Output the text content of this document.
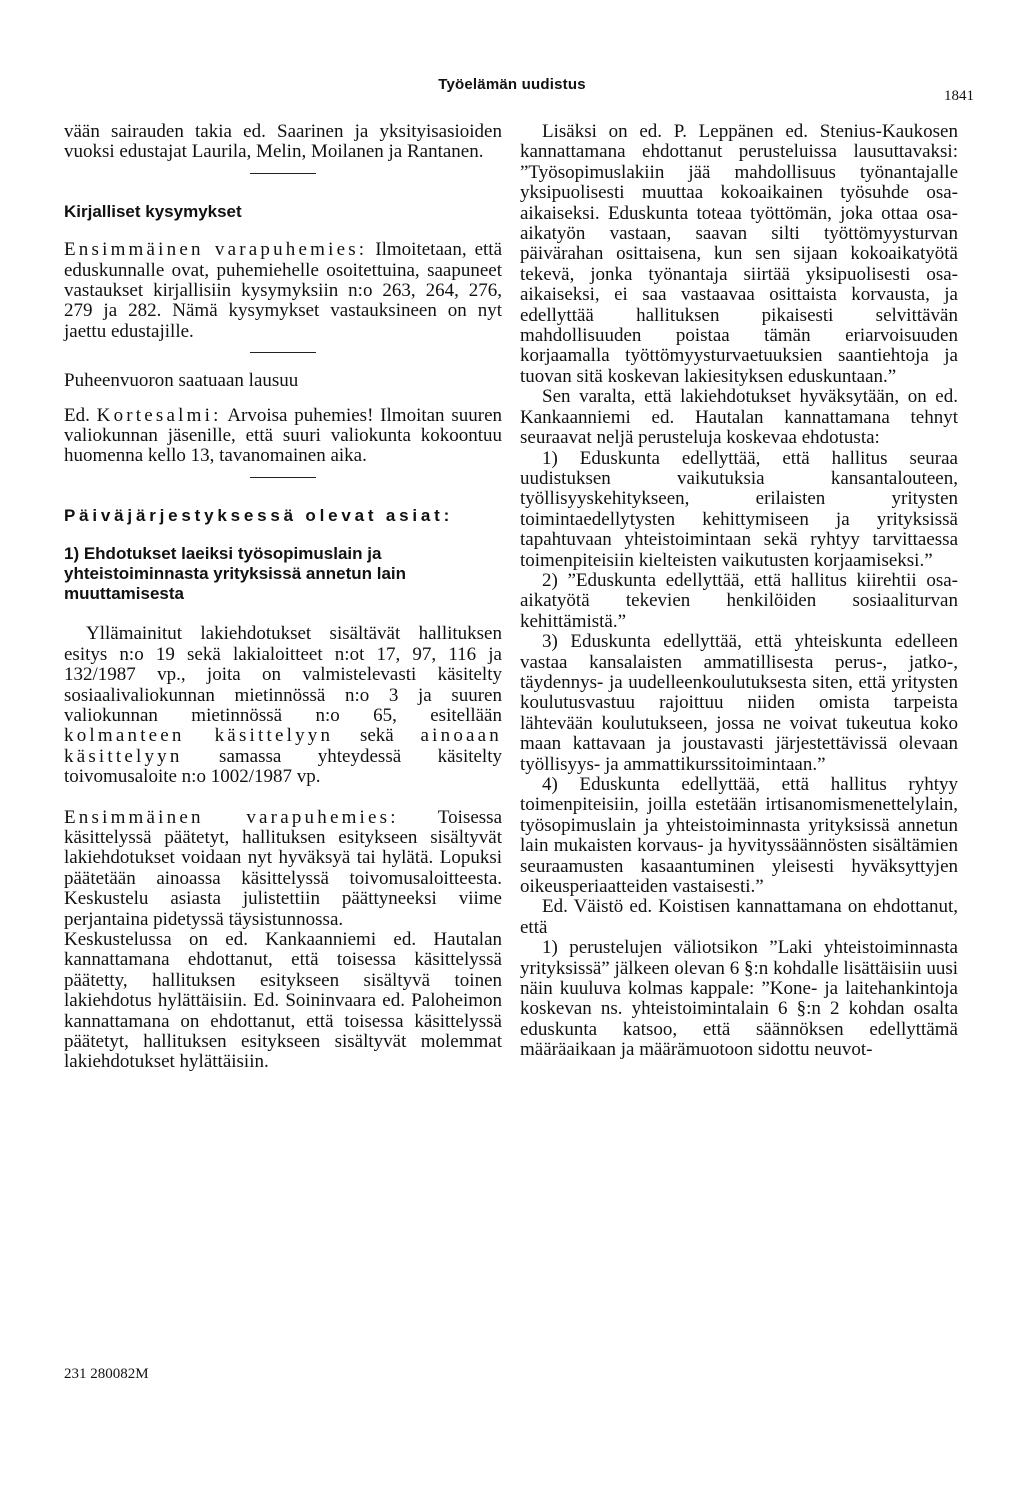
Työelämän uudistus
1841

vään sairauden takia ed. Saarinen ja yksityisasioiden vuoksi edustajat Laurila, Melin, Moilanen ja Rantanen.

Kirjalliset kysymykset

Ensimmäinen varapuhemies: Ilmoitetaan, että eduskunnalle ovat, puhemiehelle osoitettuina, saapuneet vastaukset kirjallisiin kysymyksiin n:o 263, 264, 276, 279 ja 282. Nämä kysymykset vastauksineen on nyt jaettu edustajille.

Puheenvuoron saatuaan lausuu

Ed. Kortesalmi: Arvoisa puhemies! Ilmoitan suuren valiokunnan jäsenille, että suuri valiokunta kokoontuu huomenna kello 13, tavanomainen aika.

Päiväjärjestyksessä olevat asiat:

1) Ehdotukset laeiksi työsopimuslain ja yhteistoiminnasta yrityksissä annetun lain muuttamisesta

Yllämainitut lakiehdotukset sisältävät hallituksen esitys n:o 19 sekä lakialoitteet n:ot 17, 97, 116 ja 132/1987 vp., joita on valmistelevasti käsitelty sosiaalivaliokunnan mietinnössä n:o 3 ja suuren valiokunnan mietinnössä n:o 65, esitellään kolmanteen käsittelyyn sekä ainoaan käsittelyyn samassa yhteydessä käsitelty toivomusaloite n:o 1002/1987 vp.

Ensimmäinen varapuhemies: Toisessa käsittelyssä päätetyt, hallituksen esitykseen sisältyvät lakiehdotukset voidaan nyt hyväksyä tai hylätä. Lopuksi päätetään ainoassa käsittelyssä toivomusaloitteesta. Keskustelu asiasta julistettiin päättyneeksi viime perjantaina pidetyssä täysistunnossa.

Keskustelussa on ed. Kankaanniemi ed. Hautalan kannattamana ehdottanut, että toisessa käsittelyssä päätetty, hallituksen esitykseen sisältyvä toinen lakiehdotus hylättäisiin. Ed. Soininvaara ed. Paloheimon kannattamana on ehdottanut, että toisessa käsittelyssä päätetyt, hallituksen esitykseen sisältyvät molemmat lakiehdotukset hylättäisiin.

Lisäksi on ed. P. Leppänen ed. Stenius-Kaukosen kannattamana ehdottanut perusteluissa lausuttavaksi: ”Työsopimuslakiin jää mahdollisuus työnantajalle yksipuolisesti muuttaa kokoaikainen työsuhde osa-aikaiseksi. Eduskunta toteaa työttömän, joka ottaa osa-aikatyön vastaan, saavan silti työttömyysturvan päivärahan osittaisena, kun sen sijaan kokoaikatyötä tekevä, jonka työnantaja siirtää yksipuolisesti osa-aikaiseksi, ei saa vastaavaa osittaista korvausta, ja edellyttää hallituksen pikaisesti selvittävän mahdollisuuden poistaa tämän eriarvoisuuden korjaamalla työttömyysturvaetuuksien saantiehtoja ja tuovan sitä koskevan lakiesityksen eduskuntaan.”

Sen varalta, että lakiehdotukset hyväksytään, on ed. Kankaanniemi ed. Hautalan kannattamana tehnyt seuraavat neljä perusteluja koskevaa ehdotusta:

1) Eduskunta edellyttää, että hallitus seuraa uudistuksen vaikutuksia kansantalouteen, työllisyyskehitykseen, erilaisten yritysten toimintaedellytysten kehittymiseen ja yrityksissä tapahtuvaan yhteistoimintaan sekä ryhtyy tarvittaessa toimenpiteisiin kielteisten vaikutusten korjaamiseksi.”

2) ”Eduskunta edellyttää, että hallitus kiirehtii osa-aikatyötä tekevien henkilöiden sosiaaliturvan kehittämistä.”

3) Eduskunta edellyttää, että yhteiskunta edelleen vastaa kansalaisten ammatillisesta perus-, jatko-, täydennys- ja uudelleenkoulutuksesta siten, että yritysten koulutusvastuu rajoittuu niiden omista tarpeista lähtevään koulutukseen, jossa ne voivat tukeutua koko maan kattavaan ja joustavasti järjestettävissä olevaan työllisyys- ja ammattikurssitoimintaan.”

4) Eduskunta edellyttää, että hallitus ryhtyy toimenpiteisiin, joilla estetään irtisanomismenettelylain, työsopimuslain ja yhteistoiminnasta yrityksissä annetun lain mukaisten korvaus- ja hyvityssäännösten sisältämien seuraamusten kasaantuminen yleisesti hyväksyttyjen oikeusperiaatteiden vastaisesti.”

Ed. Väistö ed. Koistisen kannattamana on ehdottanut, että

1) perustelujen väliotsikon ”Laki yhteistoiminnasta yrityksissä” jälkeen olevan 6 §:n kohdalle lisättäisiin uusi näin kuuluva kolmas kappale: ”Kone- ja laitehankintoja koskevan ns. yhteistoimintalain 6 §:n 2 kohdan osalta eduskunta katsoo, että säännöksen edellyttämä määräaikaan ja määrämuotoon sidottu neuvot-

231 280082M
